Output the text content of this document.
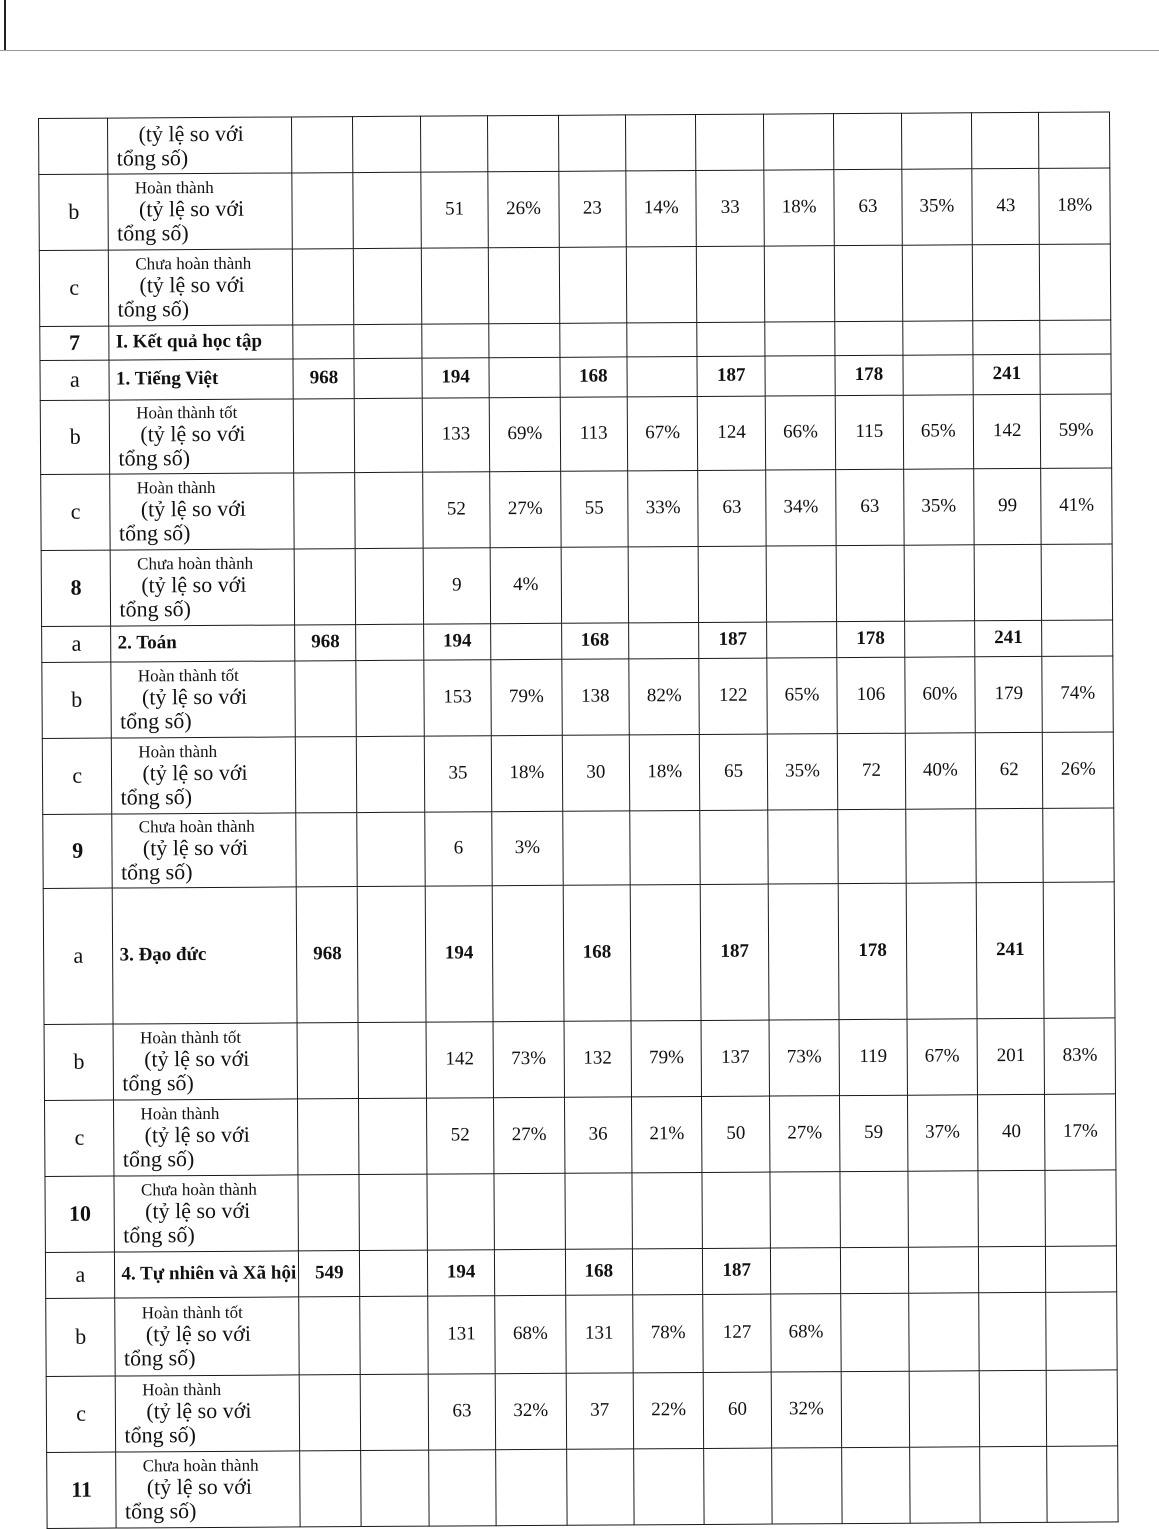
	(tỷ lệ so với
tổng số)												

b	Hoàn thành
(tỷ lệ so với
tổng số)			51	26%	23	14%	33	18%	63	35%	43	18%
c	Chưa hoàn thành
(tỷ lệ so với
tổng số)												

7	I. Kết quả học tập												
a	1. Tiếng Việt	968		194		168		187		178		241	
b	Hoàn thành tốt
(tỷ lệ so với
tổng số)			133	69%	113	67%	124	66%	115	65%	142	59%
c	Hoàn thành
(tỷ lệ so với
tổng số)			52	27%	55	33%	63	34%	63	35%	99	41%
8	Chưa hoàn thành
(tỷ lệ so với
tổng số)			9	4%								
a	2. Toán	968		194		168		187		178		241	
b	Hoàn thành tốt
(tỷ lệ so với
tổng số)			153	79%	138	82%	122	65%	106	60%	179	74%
c	Hoàn thành
(tỷ lệ so với
tổng số)			35	18%	30	18%	65	35%	72	40%	62	26%
9	Chưa hoàn thành
(tỷ lệ so với
tổng số)			6	3%								
a	3. Đạo đức	968		194		168		187		178		241	
b	Hoàn thành tốt
(tỷ lệ so với
tổng số)			142	73%	132	79%	137	73%	119	67%	201	83%
c	Hoàn thành
(tỷ lệ so với
tổng số)			52	27%	36	21%	50	27%	59	37%	40	17%
10	Chưa hoàn thành
(tỷ lệ so với
tổng số)												

a	4. Tự nhiên và Xã hội	549		194		168		187					
b	Hoàn thành tốt
(tỷ lệ so với
tổng số)			131	68%	131	78%	127	68%				
c	Hoàn thành
(tỷ lệ so với
tổng số)			63	32%	37	22%	60	32%				
11	Chưa hoàn thành
(tỷ lệ so với
tổng số)												
